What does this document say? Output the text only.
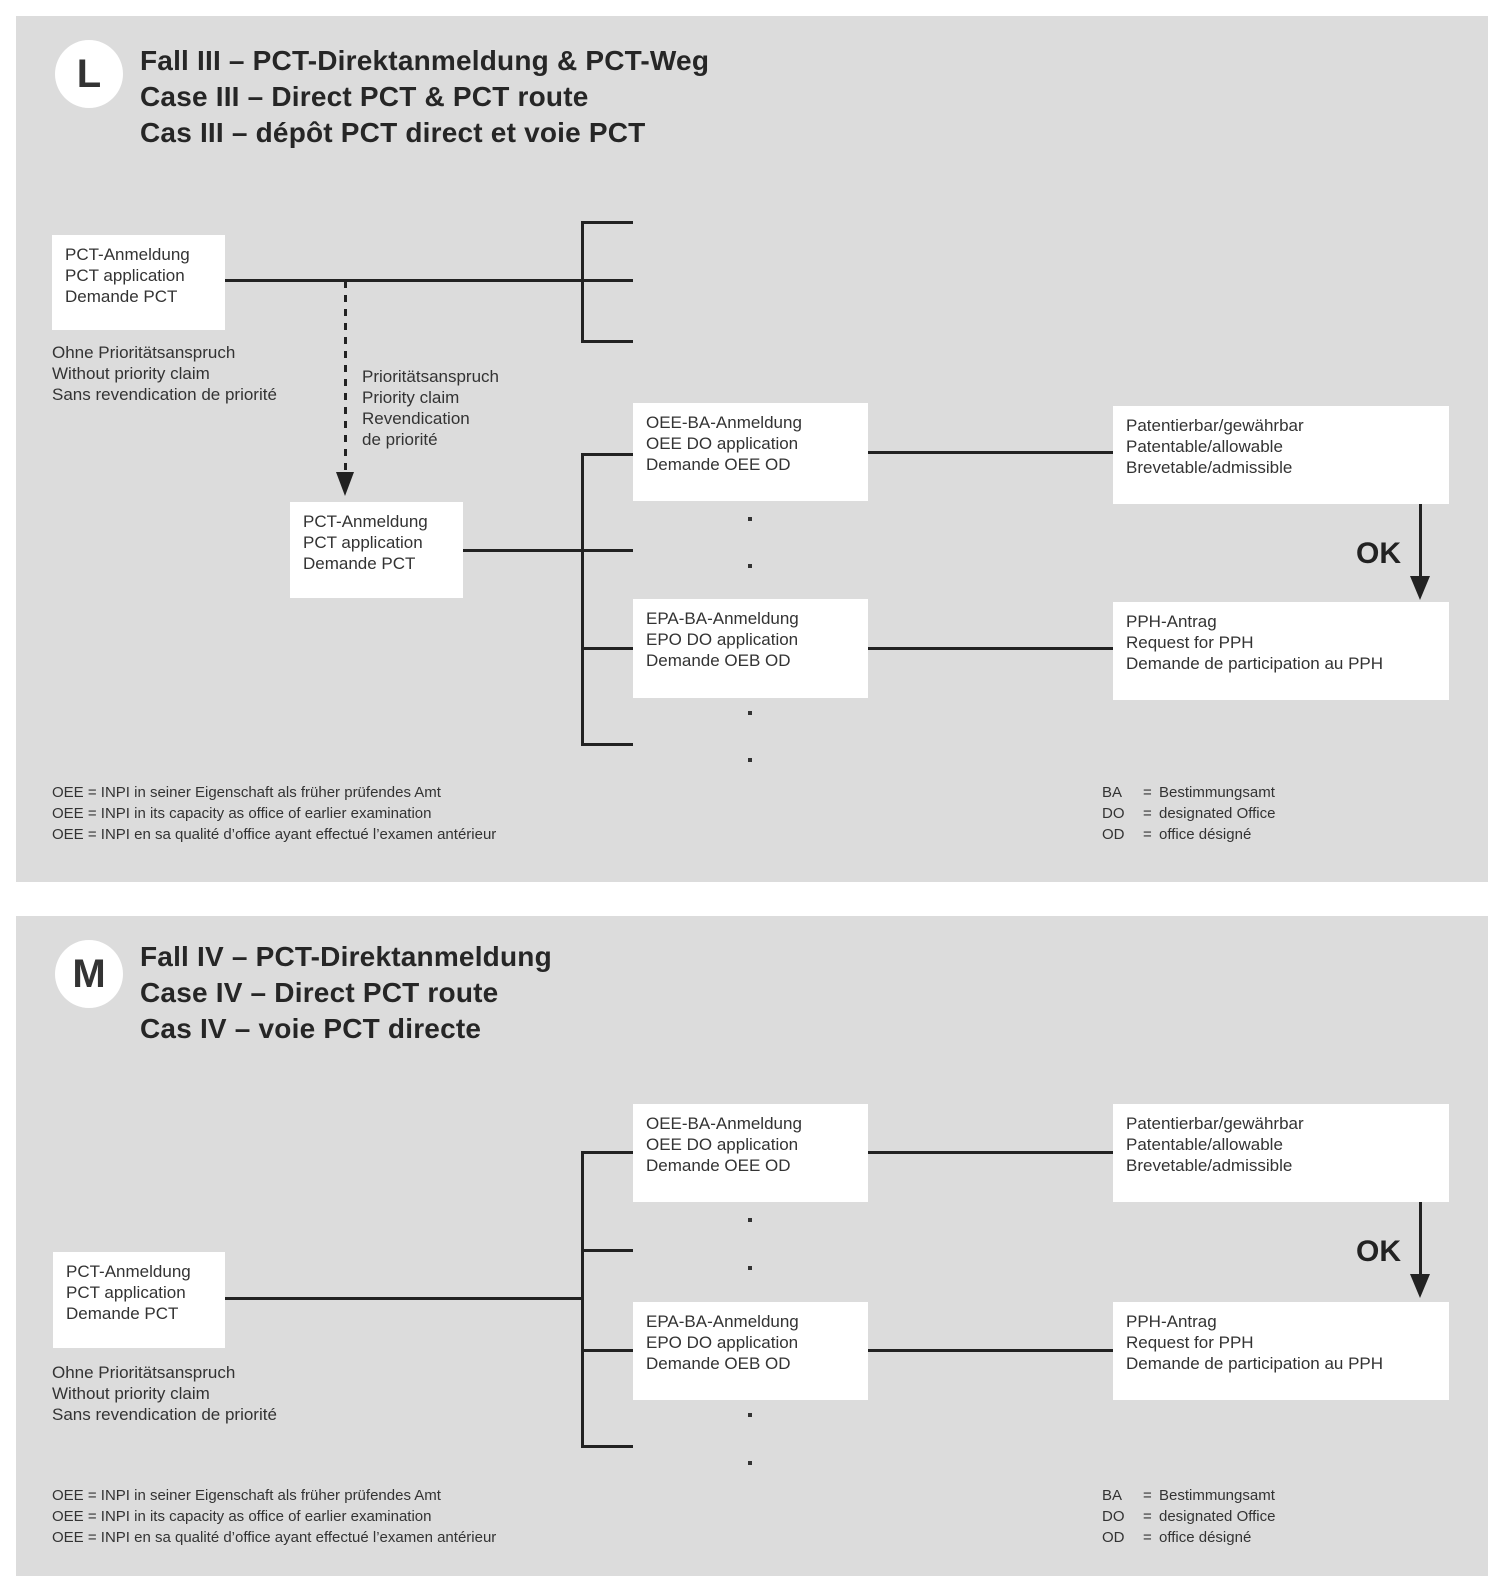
L	Fall III – PCT-Direktanmeldung & PCT-Weg
Case III – Direct PCT & PCT route
Cas III – dépôt PCT direct et voie PCT
PCT-Anmeldung
PCT application
Demande PCT
Ohne Prioritätsanspruch
Without priority claim
Sans revendication de priorité
Prioritätsanspruch
Priority claim
Revendication
de priorité
PCT-Anmeldung
PCT application
Demande PCT
OEE-BA-Anmeldung
OEE DO application
Demande OEE OD
EPA-BA-Anmeldung
EPO DO application
Demande OEB OD
Patentierbar/gewährbar
Patentable/allowable
Brevetable/admissible
OK
PPH-Antrag
Request for PPH
Demande de participation au PPH
OEE = INPI in seiner Eigenschaft als früher prüfendes Amt
OEE = INPI in its capacity as office of earlier examination
OEE = INPI en sa qualité d’office ayant effectué l’examen antérieur
BA	= Bestimmungsamt
DO	= designated Office
OD	= office désigné
M	Fall IV – PCT-Direktanmeldung
Case IV – Direct PCT route
Cas IV – voie PCT directe
PCT-Anmeldung
PCT application
Demande PCT
Ohne Prioritätsanspruch
Without priority claim
Sans revendication de priorité
OEE-BA-Anmeldung
OEE DO application
Demande OEE OD
EPA-BA-Anmeldung
EPO DO application
Demande OEB OD
Patentierbar/gewährbar
Patentable/allowable
Brevetable/admissible
OK
PPH-Antrag
Request for PPH
Demande de participation au PPH
OEE = INPI in seiner Eigenschaft als früher prüfendes Amt
OEE = INPI in its capacity as office of earlier examination
OEE = INPI en sa qualité d’office ayant effectué l’examen antérieur
BA	= Bestimmungsamt
DO	= designated Office
OD	= office désigné
